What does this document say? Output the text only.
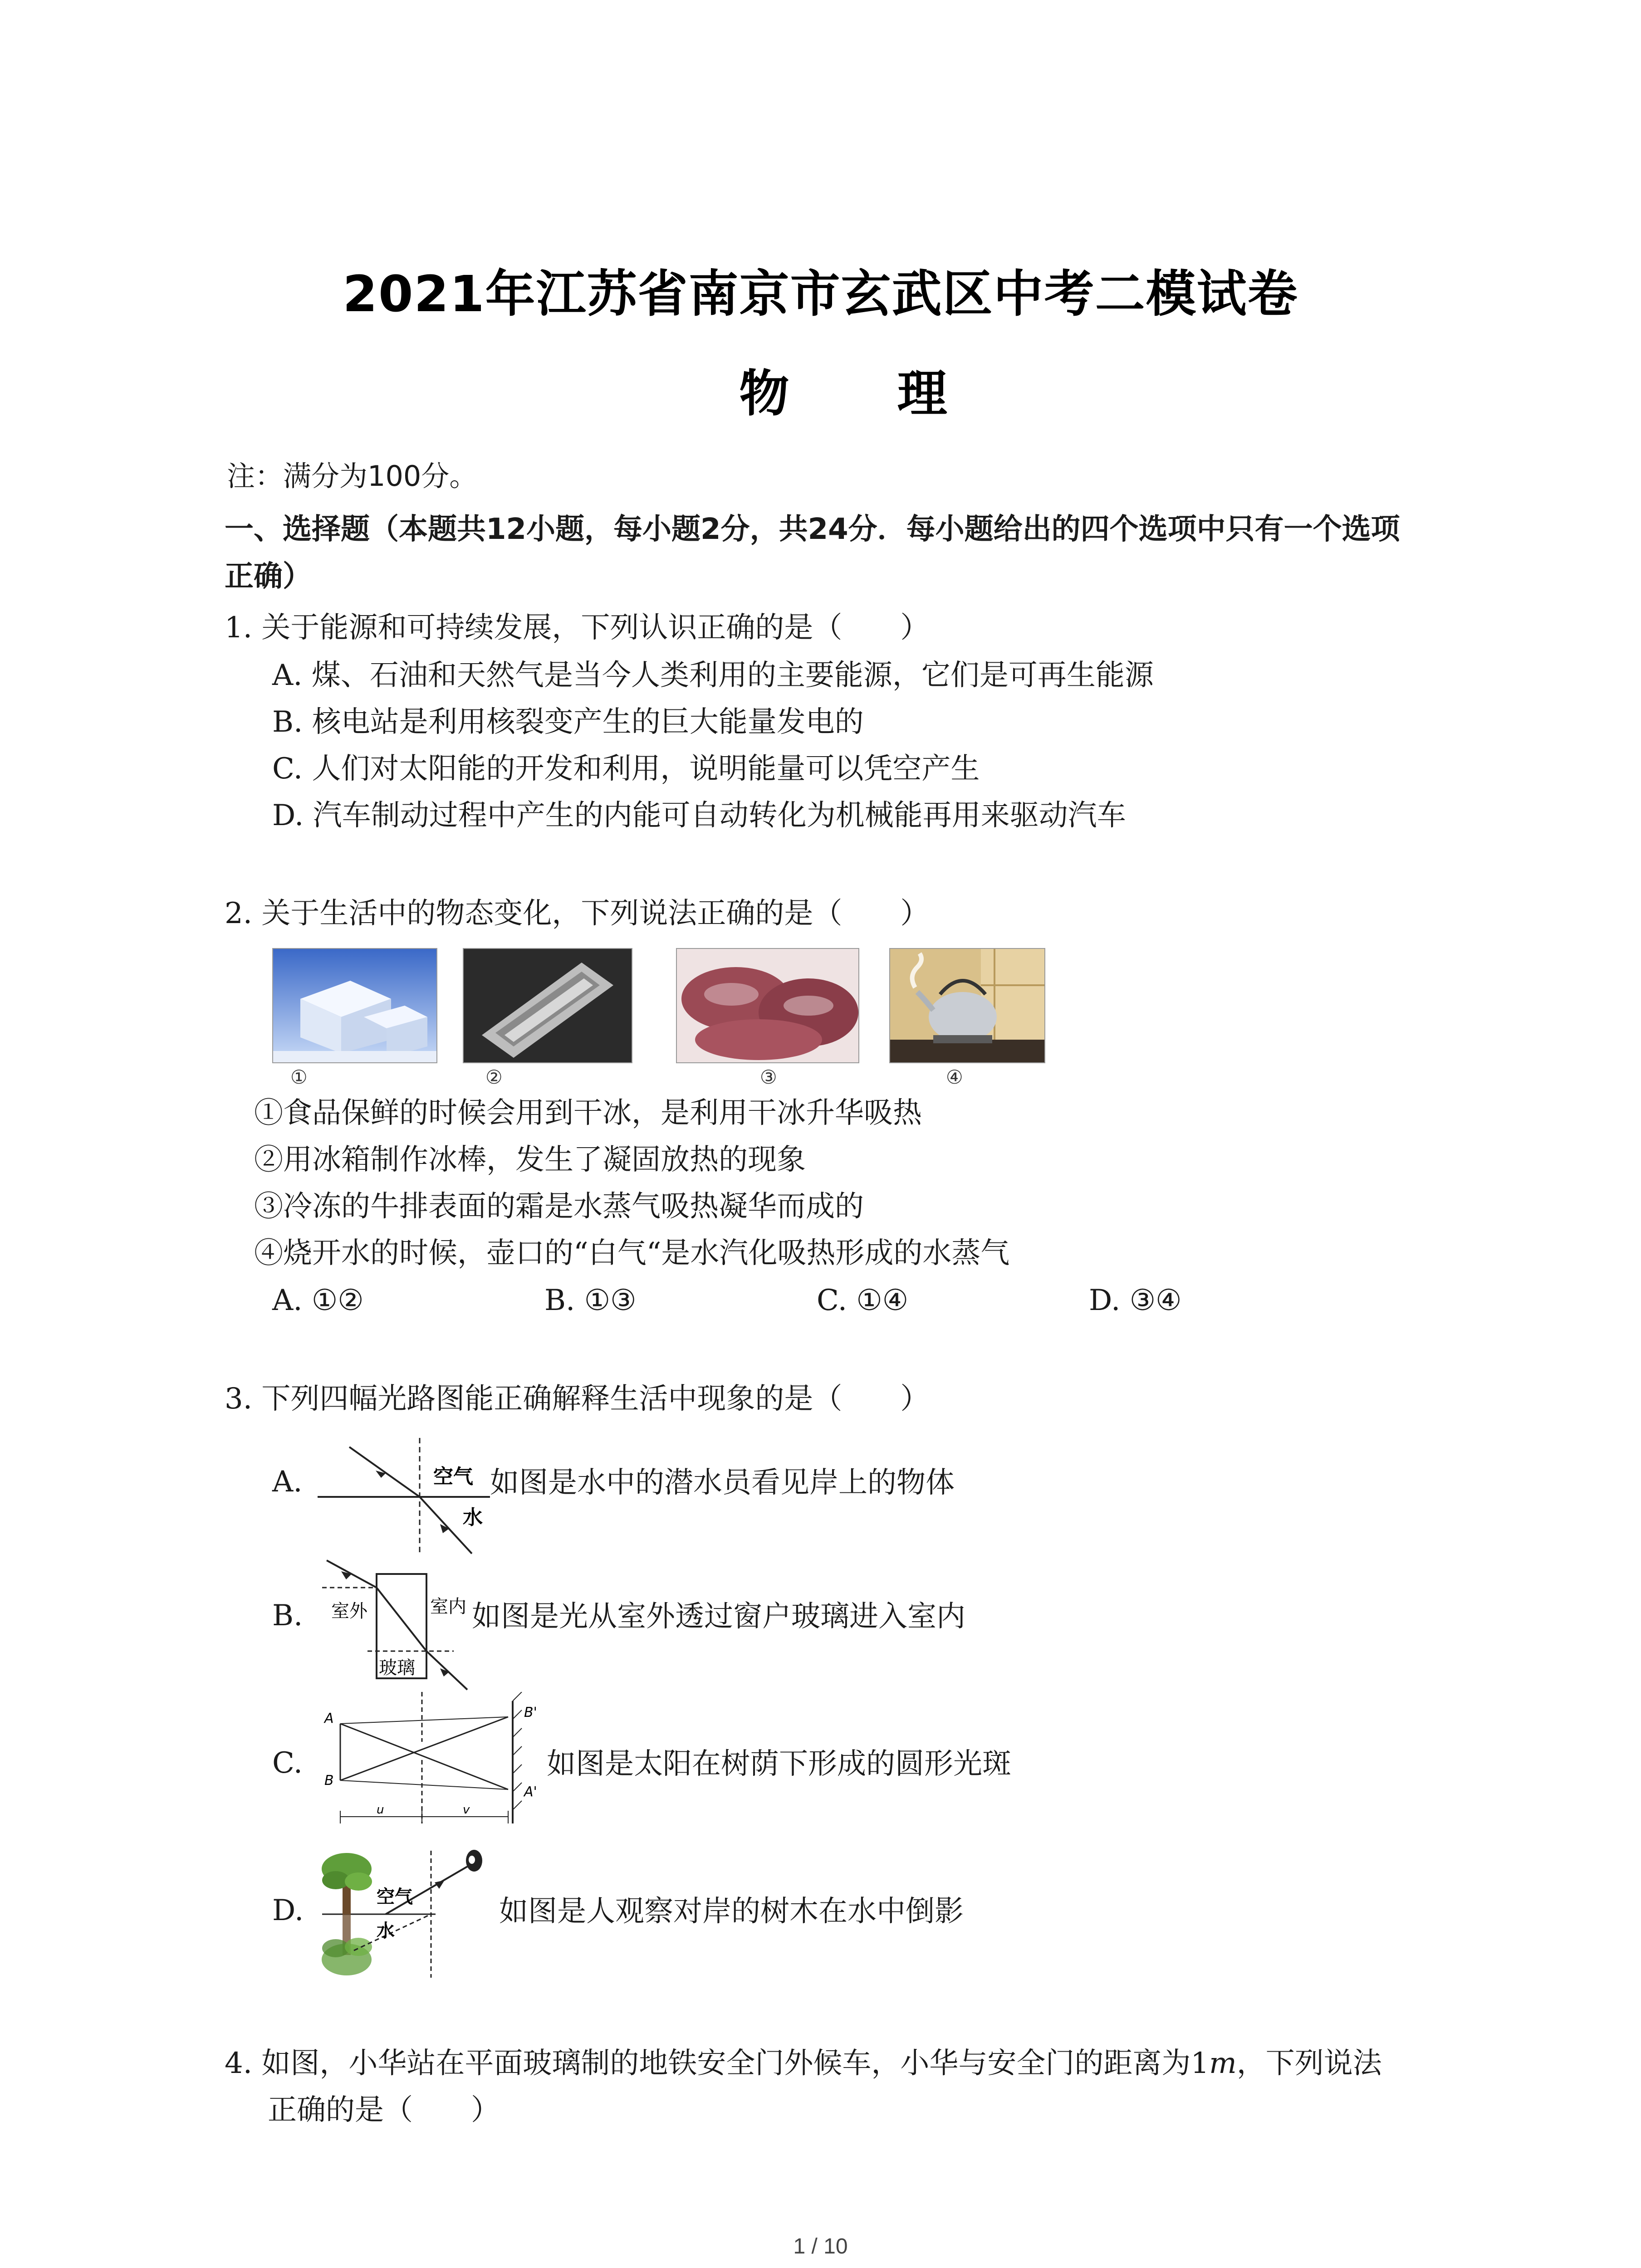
2021年江苏省南京市玄武区中考二模试卷
物 理
注：满分为100分。
一、选择题（本题共12小题，每小题2分，共24分．每小题给出的四个选项中只有一个选项
正确）
1. 关于能源和可持续发展，下列认识正确的是（　　）
A. 煤、石油和天然气是当今人类利用的主要能源，它们是可再生能源
B. 核电站是利用核裂变产生的巨大能量发电的
C. 人们对太阳能的开发和利用，说明能量可以凭空产生
D. 汽车制动过程中产生的内能可自动转化为机械能再用来驱动汽车
2. 关于生活中的物态变化，下列说法正确的是（　　）
①	②	③	④
①食品保鲜的时候会用到干冰，是利用干冰升华吸热
②用冰箱制作冰棒，发生了凝固放热的现象
③冷冻的牛排表面的霜是水蒸气吸热凝华而成的
④烧开水的时候，壶口的“白气“是水汽化吸热形成的水蒸气
A. ①②	B. ①③	C. ①④	D. ③④
3. 下列四幅光路图能正确解释生活中现象的是（　　）
A.	空气
水
如图是水中的潜水员看见岸上的物体
B. 室外	室内
玻璃
如图是光从室外透过窗户玻璃进入室内
C.
A
B
B'
A'
u	v
如图是太阳在树荫下形成的圆形光斑
D.	空气
水
如图是人观察对岸的树木在水中倒影
4. 如图，小华站在平面玻璃制的地铁安全门外候车，小华与安全门的距离为1m，下列说法
正确的是（　　）
1 / 10
